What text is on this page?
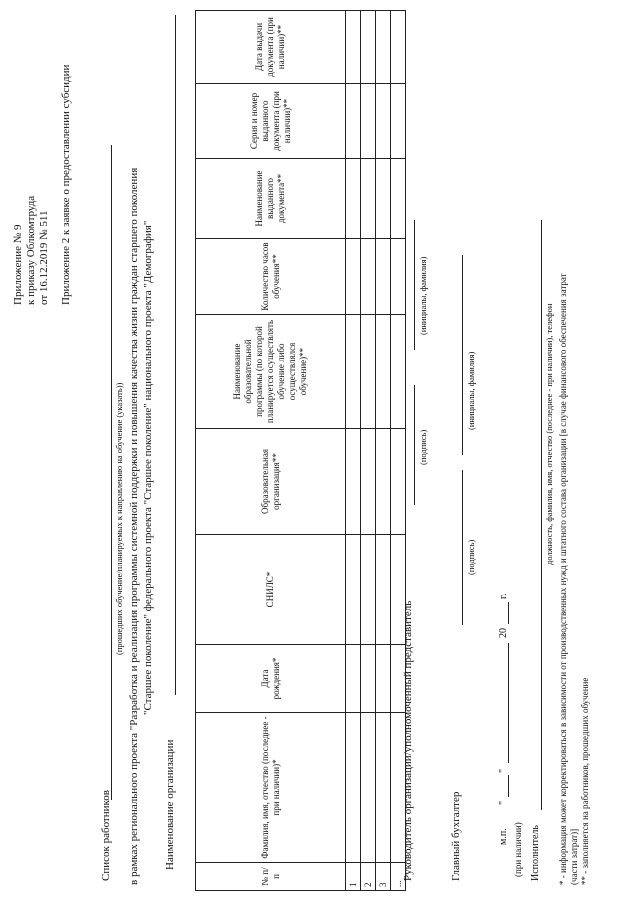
Приложение № 9 к приказу Облкомтруда от 16.12.2019 № 511 Приложение 2 к заявке о предоставлении субсидии
Список работников
(прошедших обучение/планируемых к направлению на обучение (указать)) в рамках регионального проекта "Разработка и реализация программы системной поддержки и повышения качества жизни граждан старшего поколения "Старшее поколение" федерального проекта "Старшее поколение" национального проекта "Демография"
Наименование организации
№ п/п	Фамилия, имя, отчество (последнее - при наличии)*	Дата рождения*	СНИЛС*	Образовательная организация**	Наименование образовательной программы (по которой планируется осуществлять обучение либо осуществлялся обучение)**	Количество часов обучения**	Наименование выданного документа**	Серия и номер выданного документа (при наличии)**	Дата выдачи документа (при наличии)**
1									
2									
3									
...									
Руководитель организации/уполномоченный представитель
(подпись)
(инициалы, фамилия)
Главный бухгалтер
(подпись)
(инициалы, фамилия)
м.п.
"
"
20
г.
(при наличии) Исполнитель
должность, фамилия, имя, отчество (последнее - при наличии), телефон * - информация может корректироваться в зависимости от производственных нужд и штатного состава организации [в случае финансового обеспечения затрат (части затрат)] ** - заполняется на работников, прошедших обучение
